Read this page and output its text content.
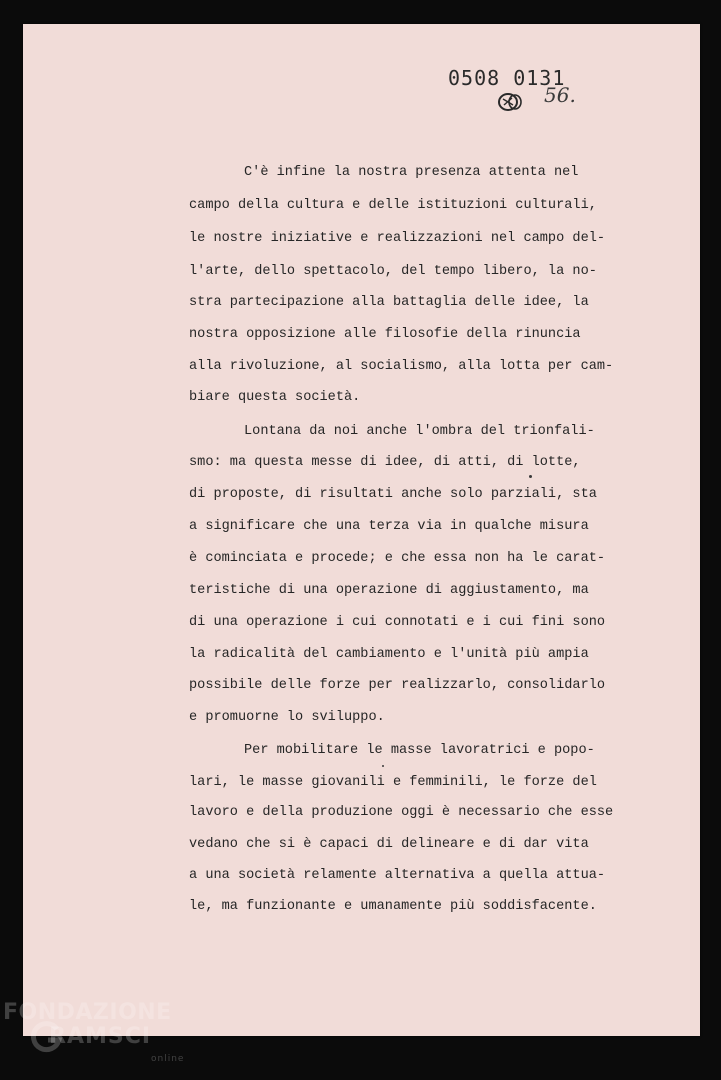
0508 0131
56.
C'è infine la nostra presenza attenta nel
campo della cultura e delle istituzioni culturali,
le nostre iniziative e realizzazioni nel campo del-
l'arte, dello spettacolo, del tempo libero, la no-
stra partecipazione alla battaglia delle idee, la
nostra opposizione alle filosofie della rinuncia
alla rivoluzione, al socialismo, alla lotta per cam-
biare questa società.
Lontana da noi anche l'ombra del trionfali-
smo: ma questa messe di idee, di atti, di lotte,
di proposte, di risultati anche solo parziali, sta
a significare che una terza via in qualche misura
è cominciata e procede; e che essa non ha le carat-
teristiche di una operazione di aggiustamento, ma
di una operazione i cui connotati e i cui fini sono
la radicalità del cambiamento e l'unità più ampia
possibile delle forze per realizzarlo, consolidarlo
e promuorne lo sviluppo.
Per mobilitare le masse lavoratrici e popo-
lari, le masse giovanili e femminili, le forze del
lavoro e della produzione oggi è necessario che esse
vedano che si è capaci di delineare e di dar vita
a una società relamente alternativa a quella attua-
le, ma funzionante e umanamente più soddisfacente.
FONDAZIONE
RAMSCI
online
